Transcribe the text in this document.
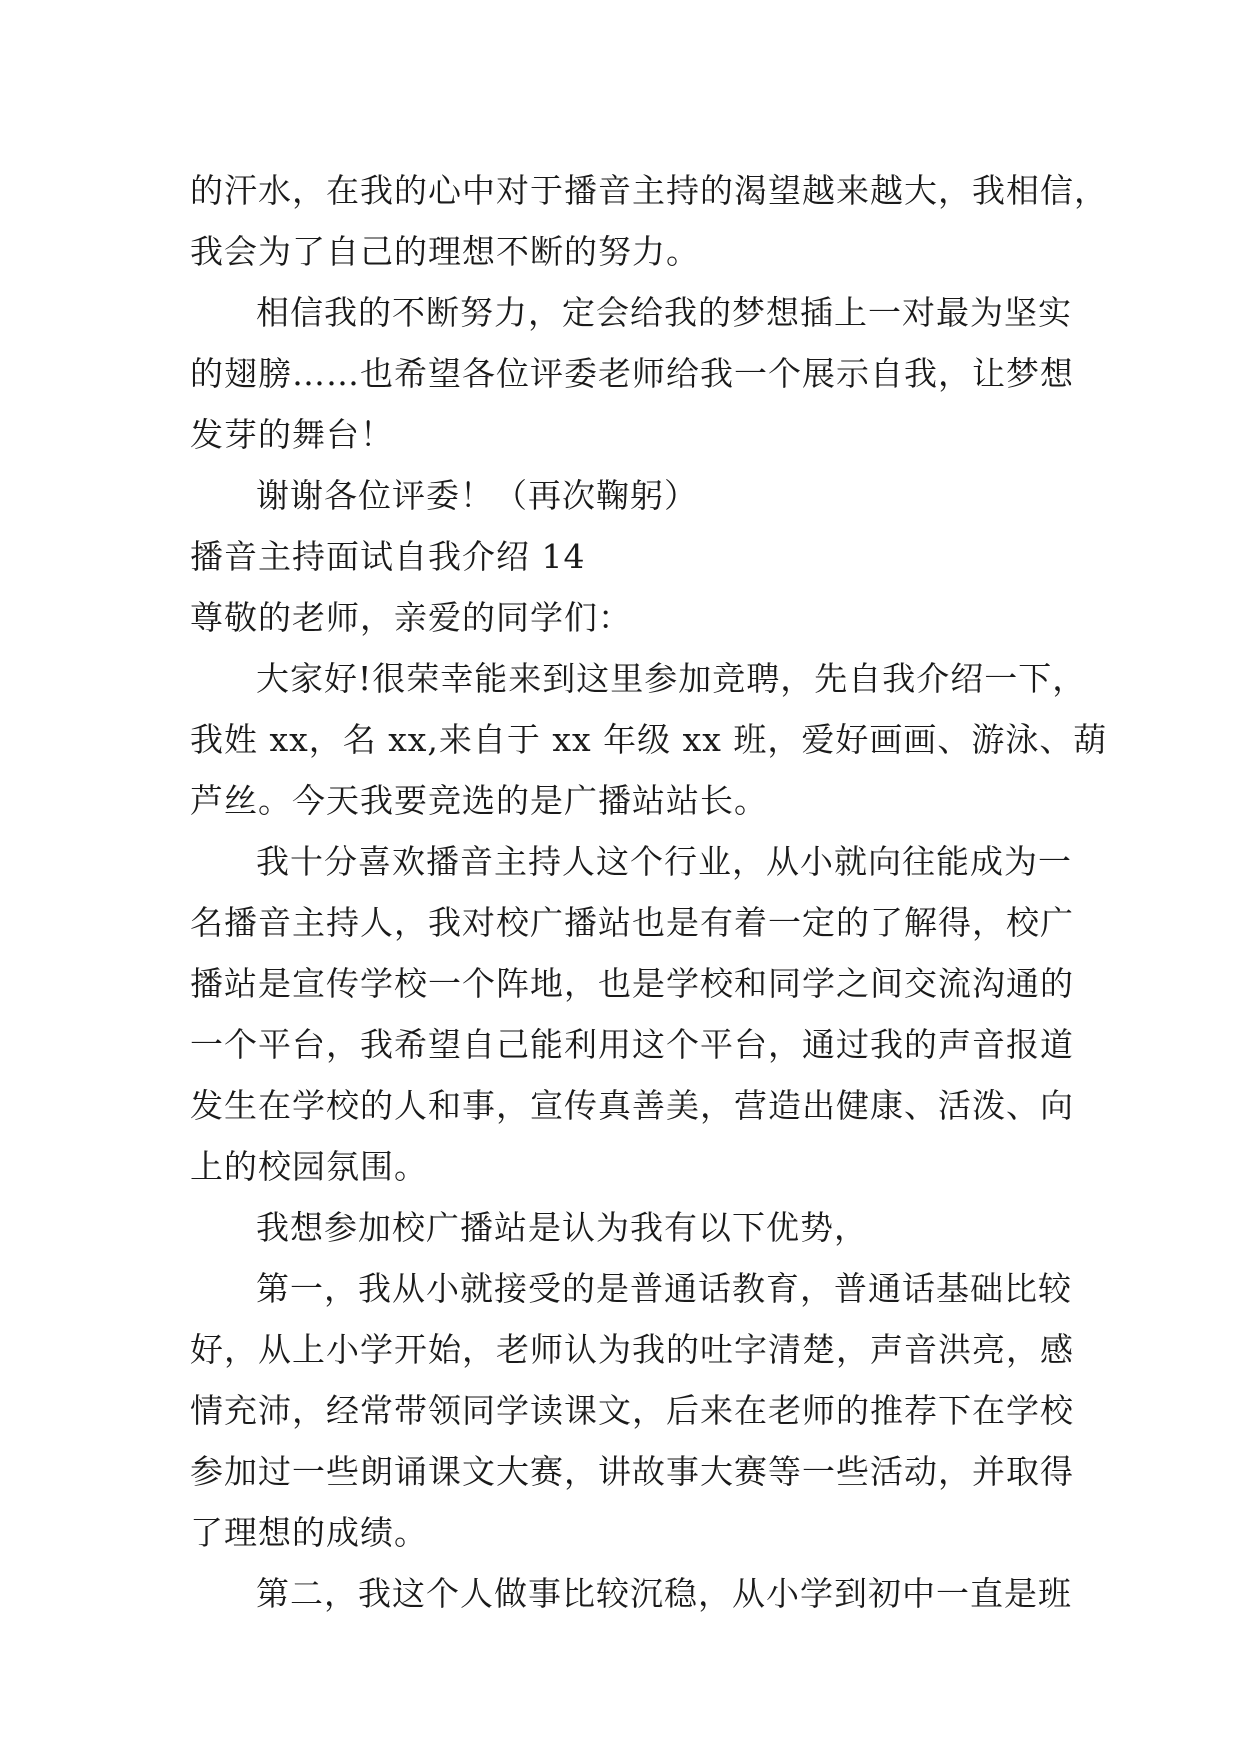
的汗水，在我的心中对于播音主持的渴望越来越大，我相信，
我会为了自己的理想不断的努力。
相信我的不断努力，定会给我的梦想插上一对最为坚实
的翅膀……也希望各位评委老师给我一个展示自我，让梦想
发芽的舞台！
谢谢各位评委！（再次鞠躬）
播音主持面试自我介绍 14
尊敬的老师，亲爱的同学们：
大家好!很荣幸能来到这里参加竞聘，先自我介绍一下，
我姓 xx，名 xx,来自于 xx 年级 xx 班，爱好画画、游泳、葫
芦丝。今天我要竞选的是广播站站长。
我十分喜欢播音主持人这个行业，从小就向往能成为一
名播音主持人，我对校广播站也是有着一定的了解得，校广
播站是宣传学校一个阵地，也是学校和同学之间交流沟通的
一个平台，我希望自己能利用这个平台，通过我的声音报道
发生在学校的人和事，宣传真善美，营造出健康、活泼、向
上的校园氛围。
我想参加校广播站是认为我有以下优势，
第一，我从小就接受的是普通话教育，普通话基础比较
好，从上小学开始，老师认为我的吐字清楚，声音洪亮，感
情充沛，经常带领同学读课文，后来在老师的推荐下在学校
参加过一些朗诵课文大赛，讲故事大赛等一些活动，并取得
了理想的成绩。
第二，我这个人做事比较沉稳，从小学到初中一直是班
